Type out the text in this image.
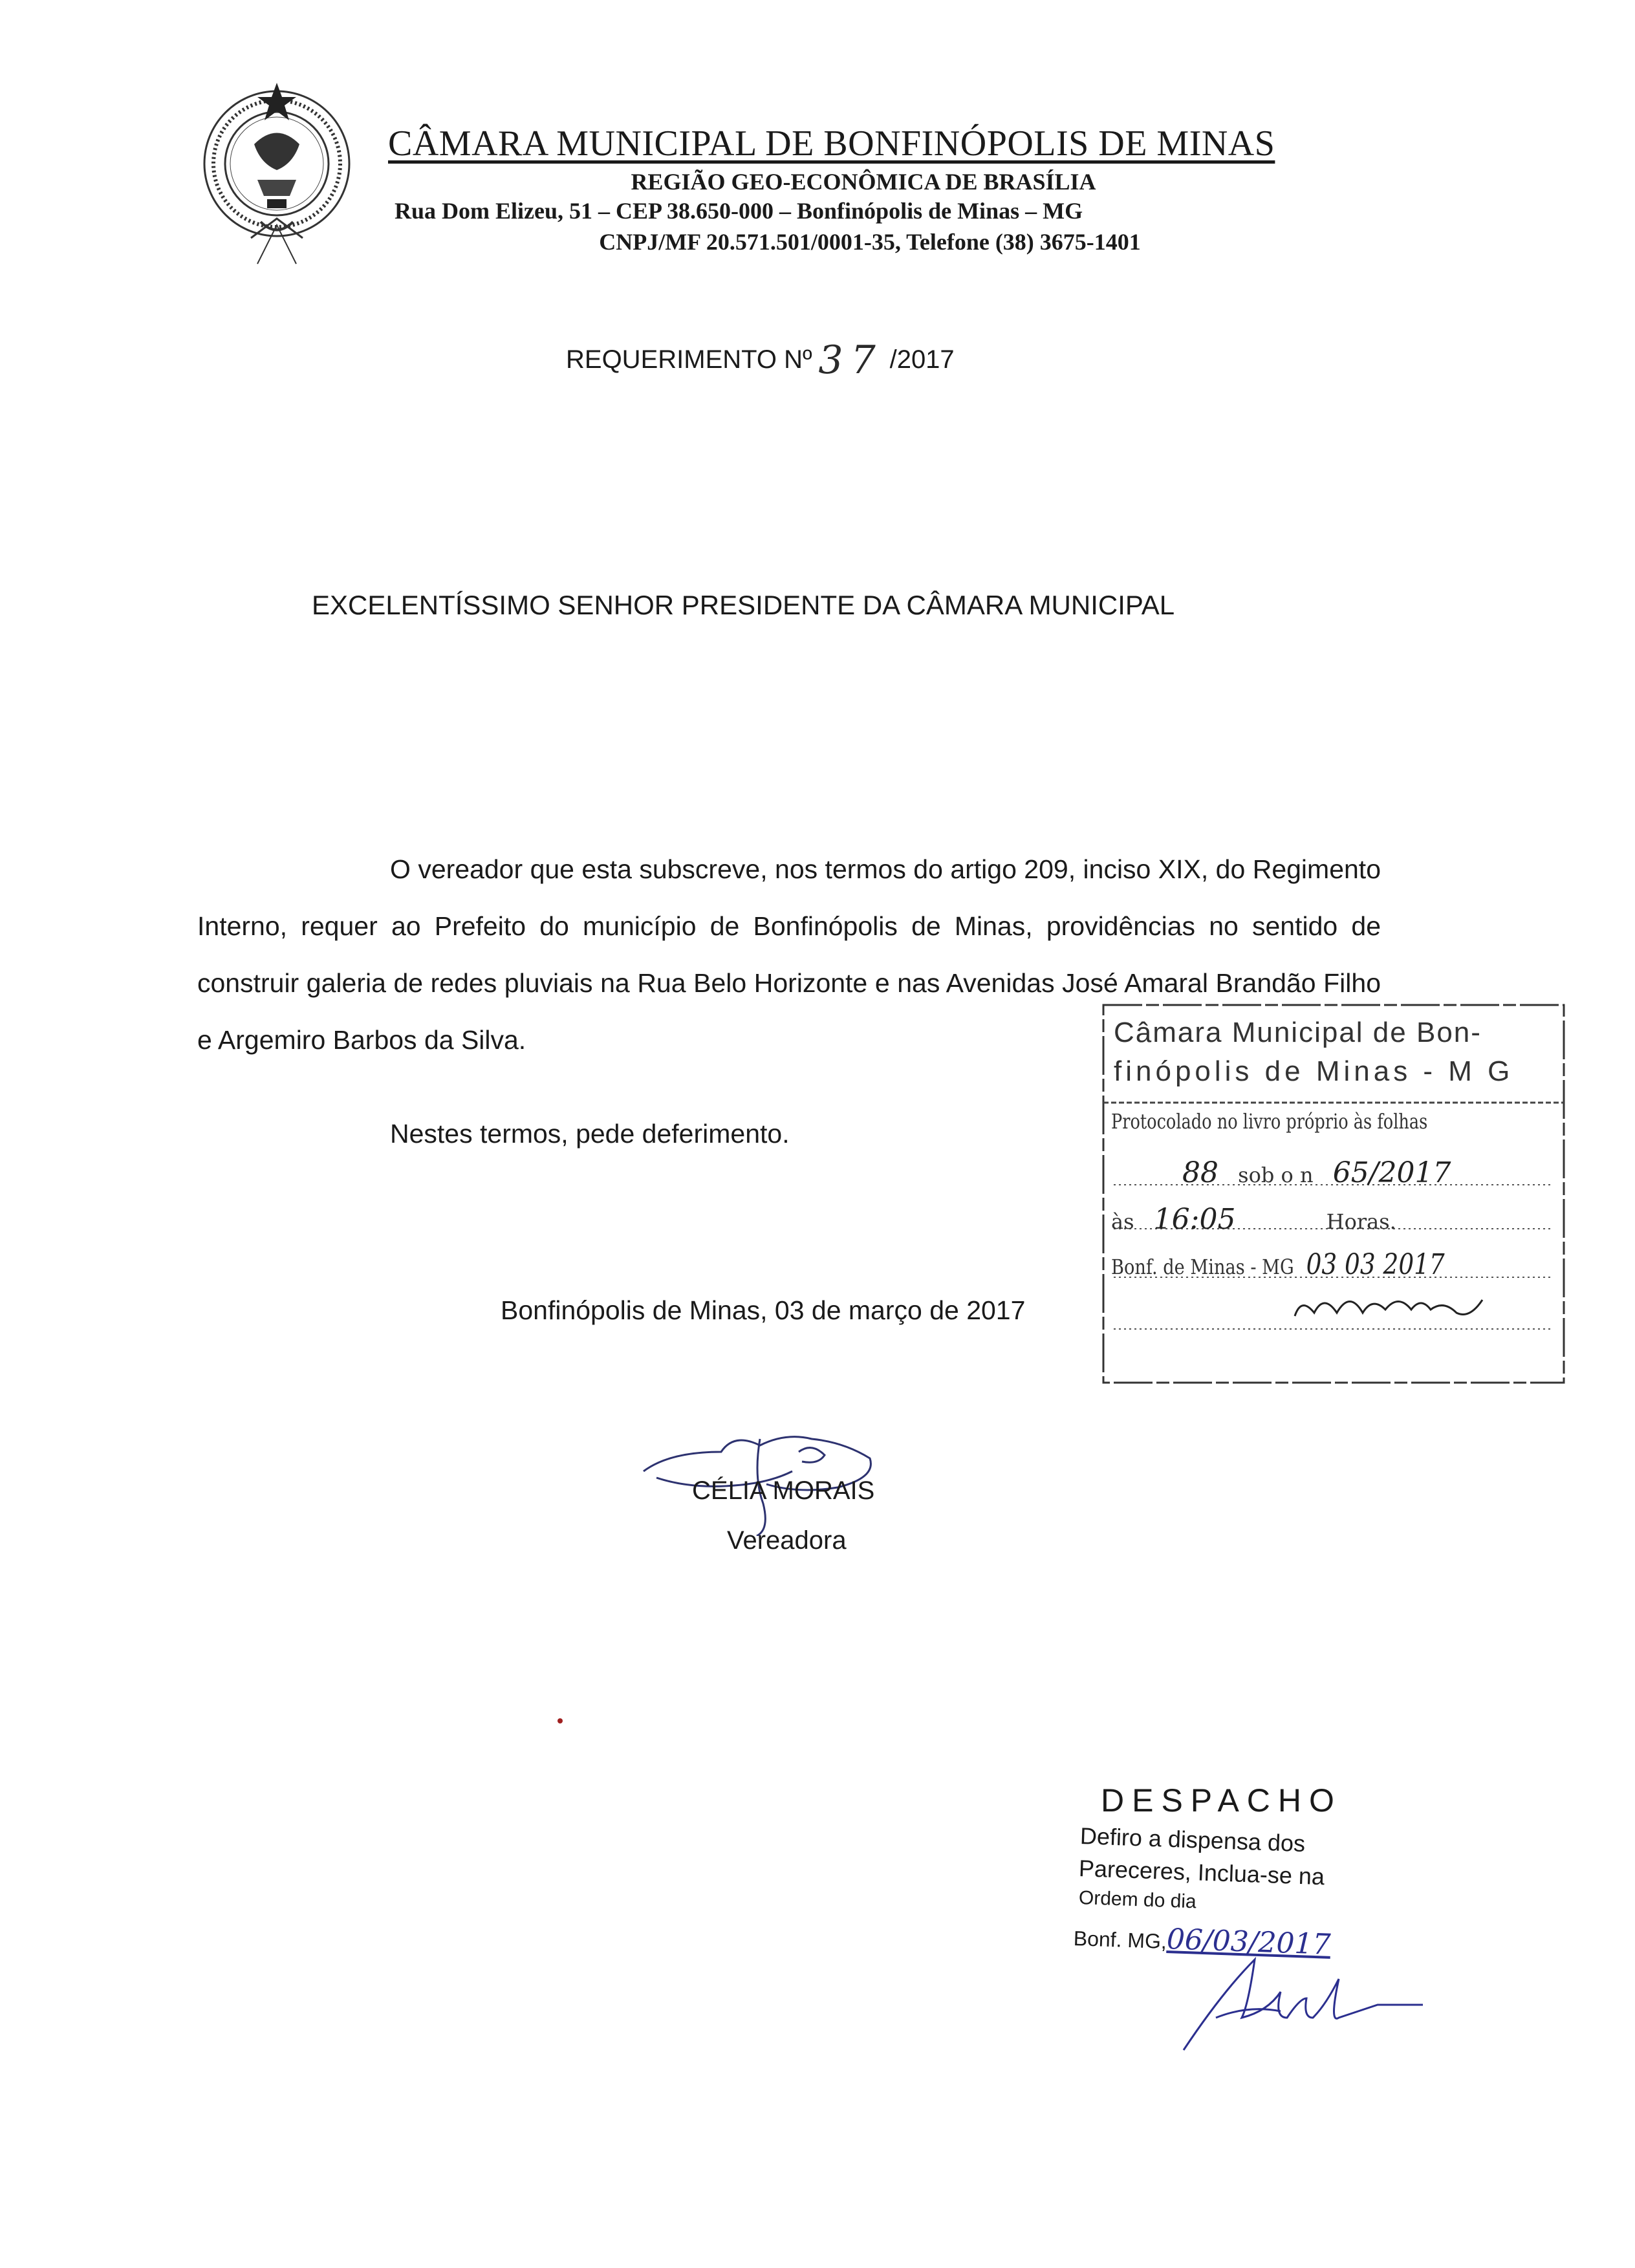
CÂMARA MUNICIPAL DE BONFINÓPOLIS DE MINAS
REGIÃO GEO-ECONÔMICA DE BRASÍLIA
Rua Dom Elizeu, 51 – CEP 38.650-000 – Bonfinópolis de Minas – MG
CNPJ/MF 20.571.501/0001-35, Telefone (38) 3675-1401
REQUERIMENTO Nº 37 /2017
EXCELENTÍSSIMO SENHOR PRESIDENTE DA CÂMARA MUNICIPAL
O vereador que esta subscreve, nos termos do artigo 209, inciso XIX, do Regimento Interno, requer ao Prefeito do município de Bonfinópolis de Minas, providências no sentido de construir galeria de redes pluviais na Rua Belo Horizonte e nas Avenidas José Amaral Brandão Filho e Argemiro Barbos da Silva.
Nestes termos, pede deferimento.
Bonfinópolis de Minas, 03 de março de 2017
CÉLIA MORAIS
Vereadora
Câmara Municipal de Bon-
finópolis de Minas - M G
Protocolado no livro próprio às folhas
88 sob o n 65/2017
às 16:05	Horas.
Bonf. de Minas - MG 03 03 2017
DESPACHO
Defiro a dispensa dos
Pareceres, Inclua-se na
Ordem do dia
Bonf. MG,06/03/2017
